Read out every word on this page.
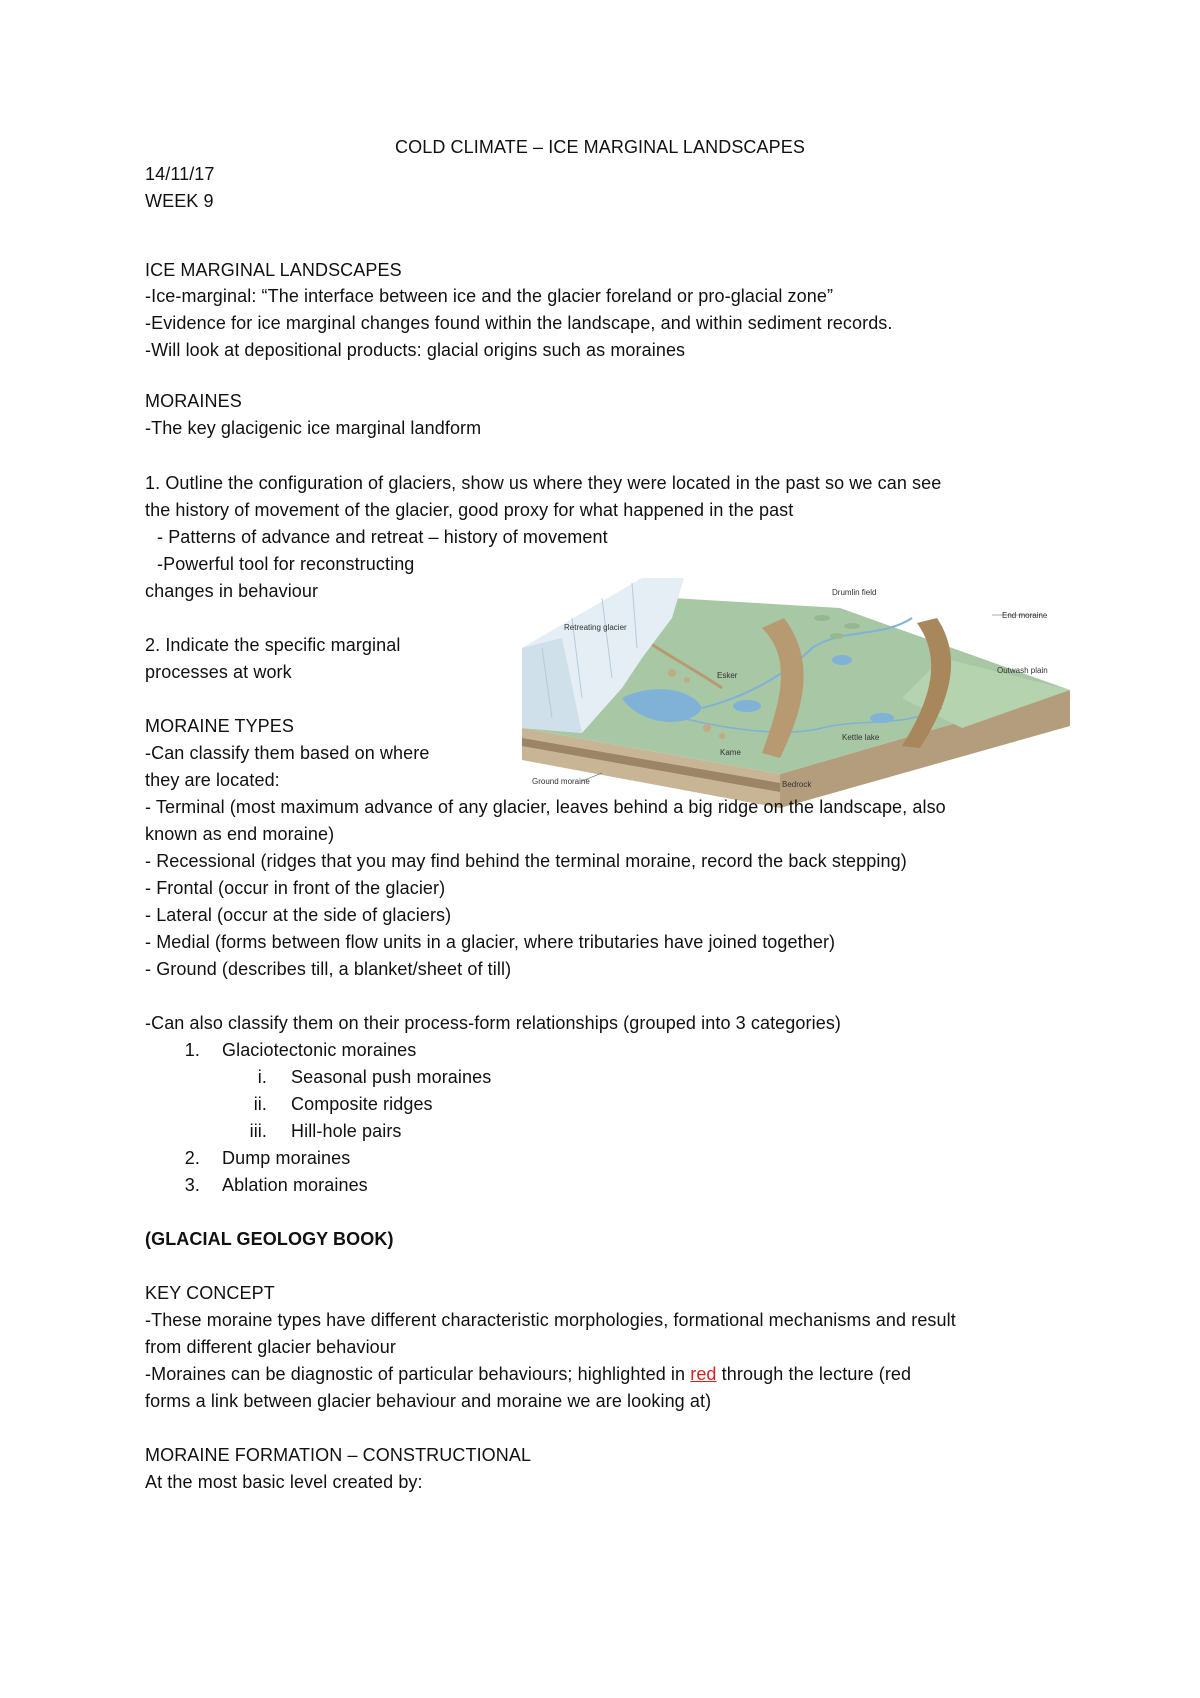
COLD CLIMATE – ICE MARGINAL LANDSCAPES
14/11/17
WEEK 9
ICE MARGINAL LANDSCAPES
-Ice-marginal: “The interface between ice and the glacier foreland or pro-glacial zone”
-Evidence for ice marginal changes found within the landscape, and within sediment records.
-Will look at depositional products: glacial origins such as moraines
MORAINES
-The key glacigenic ice marginal landform
1. Outline the configuration of glaciers, show us where they were located in the past so we can see
the history of movement of the glacier, good proxy for what happened in the past
- Patterns of advance and retreat – history of movement
-Powerful tool for reconstructing
changes in behaviour
2. Indicate the specific marginal
processes at work
Retreating glacier
Drumlin field
End moraine
Esker
Outwash plain
Kame
Kettle lake
Ground moraine	Bedrock
MORAINE TYPES
-Can classify them based on where
they are located:
- Terminal (most maximum advance of any glacier, leaves behind a big ridge on the landscape, also
known as end moraine)
- Recessional (ridges that you may find behind the terminal moraine, record the back stepping)
- Frontal (occur in front of the glacier)
- Lateral (occur at the side of glaciers)
- Medial (forms between flow units in a glacier, where tributaries have joined together)
- Ground (describes till, a blanket/sheet of till)
-Can also classify them on their process-form relationships (grouped into 3 categories)
1. Glaciotectonic moraines
i. Seasonal push moraines
ii. Composite ridges
iii. Hill-hole pairs
2. Dump moraines
3. Ablation moraines
(GLACIAL GEOLOGY BOOK)
KEY CONCEPT
-These moraine types have different characteristic morphologies, formational mechanisms and result
from different glacier behaviour
-Moraines can be diagnostic of particular behaviours; highlighted in red through the lecture (red
forms a link between glacier behaviour and moraine we are looking at)
MORAINE FORMATION – CONSTRUCTIONAL
At the most basic level created by:
